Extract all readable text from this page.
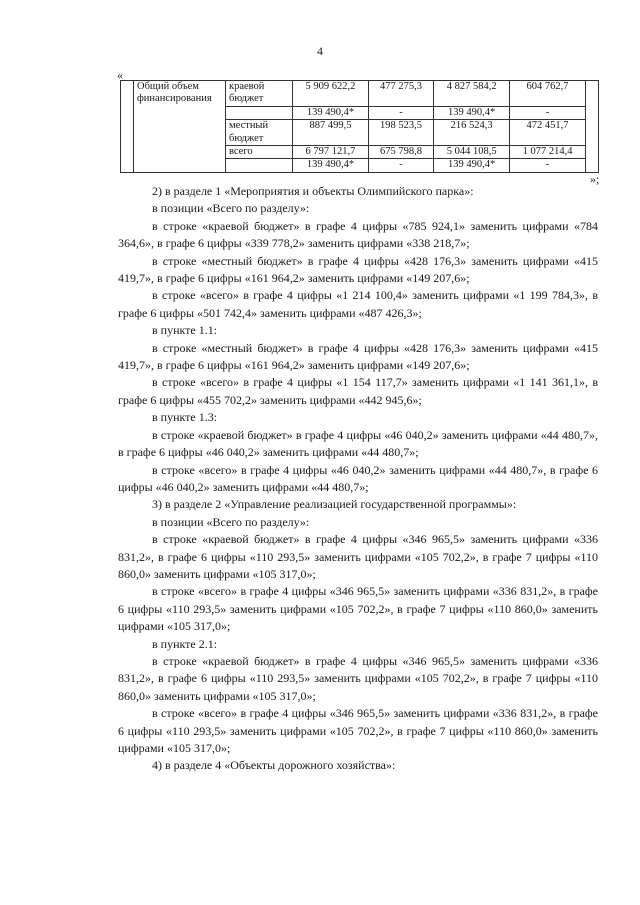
4
«
	Общий объем финансирования	краевой бюджет	5 909 622,2	477 275,3	4 827 584,2	604 762,7	
			139 490,4*	-	139 490,4*	-	
		местный бюджет	887 499,5	198 523,5	216 524,3	472 451,7	
		всего	6 797 121,7	675 798,8	5 044 108,5	1 077 214,4	
			139 490,4*	-	139 490,4*	-	
»;

2) в разделе 1 «Мероприятия и объекты Олимпийского парка»:

в позиции «Всего по разделу»:

в строке «краевой бюджет» в графе 4 цифры «785 924,1» заменить цифрами «784 364,6», в графе 6 цифры «339 778,2» заменить цифрами «338 218,7»;

в строке «местный бюджет» в графе 4 цифры «428 176,3» заменить цифрами «415 419,7», в графе 6 цифры «161 964,2» заменить цифрами «149 207,6»;

в строке «всего» в графе 4 цифры «1 214 100,4» заменить цифрами «1 199 784,3», в графе 6 цифры «501 742,4» заменить цифрами «487 426,3»;

в пункте 1.1:

в строке «местный бюджет» в графе 4 цифры «428 176,3» заменить цифрами «415 419,7», в графе 6 цифры «161 964,2» заменить цифрами «149 207,6»;

в строке «всего» в графе 4 цифры «1 154 117,7» заменить цифрами «1 141 361,1», в графе 6 цифры «455 702,2» заменить цифрами «442 945,6»;

в пункте 1.3:

в строке «краевой бюджет» в графе 4 цифры «46 040,2» заменить цифрами «44 480,7», в графе 6 цифры «46 040,2» заменить цифрами «44 480,7»;

в строке «всего» в графе 4 цифры «46 040,2» заменить цифрами «44 480,7», в графе 6 цифры «46 040,2» заменить цифрами «44 480,7»;

3) в разделе 2 «Управление реализацией государственной программы»:

в позиции «Всего по разделу»:

в строке «краевой бюджет» в графе 4 цифры «346 965,5» заменить цифрами «336 831,2», в графе 6 цифры «110 293,5» заменить цифрами «105 702,2», в графе 7 цифры «110 860,0» заменить цифрами «105 317,0»;

в строке «всего» в графе 4 цифры «346 965,5» заменить цифрами «336 831,2», в графе 6 цифры «110 293,5» заменить цифрами «105 702,2», в графе 7 цифры «110 860,0» заменить цифрами «105 317,0»;

в пункте 2.1:

в строке «краевой бюджет» в графе 4 цифры «346 965,5» заменить цифрами «336 831,2», в графе 6 цифры «110 293,5» заменить цифрами «105 702,2», в графе 7 цифры «110 860,0» заменить цифрами «105 317,0»;

в строке «всего» в графе 4 цифры «346 965,5» заменить цифрами «336 831,2», в графе 6 цифры «110 293,5» заменить цифрами «105 702,2», в графе 7 цифры «110 860,0» заменить цифрами «105 317,0»;

4) в разделе 4 «Объекты дорожного хозяйства»:
